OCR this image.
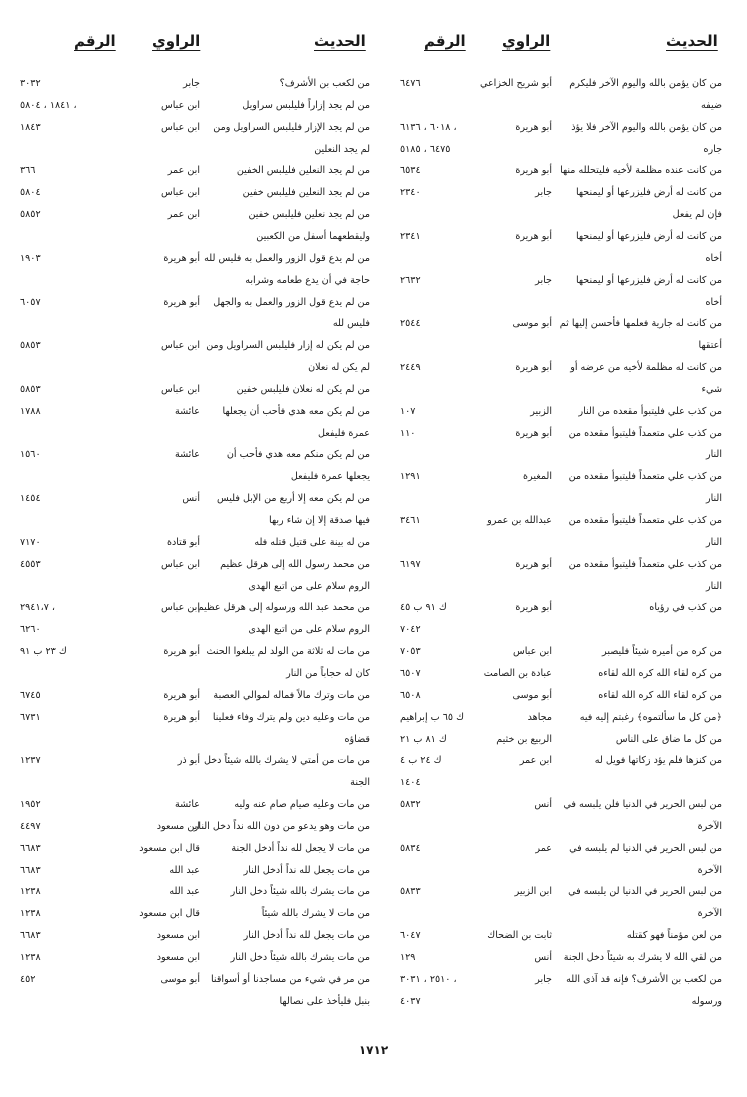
الحديث
الراوي
الرقم
الحديث
الراوي
الرقم
من كان يؤمن بالله واليوم الآخر فليكرم
أبو شريح الخزاعي
٦٤٧٦
ضيفه
من كان يؤمن بالله واليوم الآخر فلا يؤذ
أبو هريرة
٦٠١٨ ، ٦١٣٦ ،
جاره
٦٤٧٥ ، ٥١٨٥
من كانت عنده مظلمة لأخيه فليتحلله منها
أبو هريرة
٦٥٣٤
من كانت له أرض فليزرعها أو ليمنحها
جابر
٢٣٤٠
فإن لم يفعل
من كانت له أرض فليزرعها أو ليمنحها
أبو هريرة
٢٣٤١
أخاه
من كانت له أرض فليزرعها أو ليمنحها
جابر
٢٦٣٢
أخاه
من كانت له جارية فعلمها فأحسن إليها ثم
أبو موسى
٢٥٤٤
أعتقها
من كانت له مظلمة لأخيه من عرضه أو
أبو هريرة
٢٤٤٩
شيء
من كذب علي فليتبوأ مقعده من النار
الزبير
١٠٧
من كذب علي متعمداً فليتبوأ مقعده من
أبو هريرة
١١٠
النار
من كذب علي متعمداً فليتبوأ مقعده من
المغيرة
١٢٩١
النار
من كذب علي متعمداً فليتبوأ مقعده من
عبدالله بن عمرو
٣٤٦١
النار
من كذب علي متعمداً فليتبوأ مقعده من
أبو هريرة
٦١٩٧
النار
من كذب في رؤياه
أبو هريرة
ك ٩١ ب ٤٥
٧٠٤٢
من كره من أميره شيئاً فليصبر
ابن عباس
٧٠٥٣
من كره لقاء الله كره الله لقاءه
عبادة بن الصامت
٦٥٠٧
من كره لقاء الله كره الله لقاءه
أبو موسى
٦٥٠٨
﴿من كل ما سألتموه﴾ رغبتم إليه فيه
مجاهد
ك ٦٥ ب إبراهيم
من كل ما ضاق على الناس
الربيع بن خثيم
ك ٨١ ب ٢١
من كنزها فلم يؤد زكاتها فويل له
ابن عمر
ك ٢٤ ب ٤
١٤٠٤
من لبس الحرير في الدنيا فلن يلبسه في
أنس
٥٨٣٢
الآخرة
من لبس الحرير في الدنيا لم يلبسه في
عمر
٥٨٣٤
الآخرة
من لبس الحرير في الدنيا لن يلبسه في
ابن الزبير
٥٨٣٣
الآخرة
من لعن مؤمناً فهو كقتله
ثابت بن الضحاك
٦٠٤٧
من لقي الله لا يشرك به شيئاً دخل الجنة
أنس
١٢٩
من لكعب بن الأشرف؟ فإنه قد آذى الله
جابر
٢٥١٠ ، ٣٠٣١ ،
ورسوله
٤٠٣٧
من لكعب بن الأشرف؟
جابر
٣٠٣٢
من لم يجد إزاراً فليلبس سراويل
ابن عباس
١٨٤١ ، ٥٨٠٤ ،
من لم يجد الإزار فليلبس السراويل ومن
ابن عباس
١٨٤٣
لم يجد النعلين
من لم يجد النعلين فليلبس الخفين
ابن عمر
٣٦٦
من لم يجد النعلين فليلبس خفين
ابن عباس
٥٨٠٤
من لم يجد نعلين فليلبس خفين
ابن عمر
٥٨٥٢
وليقطعهما أسفل من الكعبين
من لم يدع قول الزور والعمل به فليس لله
أبو هريرة
١٩٠٣
حاجة في أن يدع طعامه وشرابه
من لم يدع قول الزور والعمل به والجهل
أبو هريرة
٦٠٥٧
فليس لله
من لم يكن له إزار فليلبس السراويل ومن
ابن عباس
٥٨٥٣
لم يكن له نعلان
من لم يكن له نعلان فليلبس خفين
ابن عباس
٥٨٥٣
من لم يكن معه هدي فأحب أن يجعلها
عائشة
١٧٨٨
عمرة فليفعل
من لم يكن منكم معه هدي فأحب أن
عائشة
١٥٦٠
يجعلها عمرة فليفعل
من لم يكن معه إلا أربع من الإبل فليس
أنس
١٤٥٤
فيها صدقة إلا إن شاء ربها
من له بينة على قتيل قتله فله
أبو قتادة
٧١٧٠
من محمد رسول الله إلى هرقل عظيم
ابن عباس
٤٥٥٣
الروم سلام على من اتبع الهدى
من محمد عبد الله ورسوله إلى هرقل عظيم
ابن عباس
٢٩٤١،٧ ،
الروم سلام على من اتبع الهدى
٦٢٦٠
من مات له ثلاثة من الولد لم يبلغوا الحنث
أبو هريرة
ك ٢٣ ب ٩١
كان له حجاباً من النار
من مات وترك مالاً فماله لموالي العصبة
أبو هريرة
٦٧٤٥
من مات وعليه دين ولم يترك وفاء فعلينا
أبو هريرة
٦٧٣١
قضاؤه
من مات من أمتي لا يشرك بالله شيئاً دخل
أبو ذر
١٢٣٧
الجنة
من مات وعليه صيام صام عنه وليه
عائشة
١٩٥٢
من مات وهو يدعو من دون الله نداً دخل النار
ابن مسعود
٤٤٩٧
من مات لا يجعل لله نداً أدخل الجنة
قال ابن مسعود
٦٦٨٣
من مات يجعل لله نداً أدخل النار
عبد الله
٦٦٨٣
من مات يشرك بالله شيئاً دخل النار
عبد الله
١٢٣٨
من مات لا يشرك بالله شيئاً
قال ابن مسعود
١٢٣٨
من مات يجعل لله نداً أدخل النار
ابن مسعود
٦٦٨٣
من مات يشرك بالله شيئاً دخل النار
ابن مسعود
١٢٣٨
من مر في شيء من مساجدنا أو أسواقنا
أبو موسى
٤٥٢
بنبل فليأخذ على نصالها
١٧١٢
